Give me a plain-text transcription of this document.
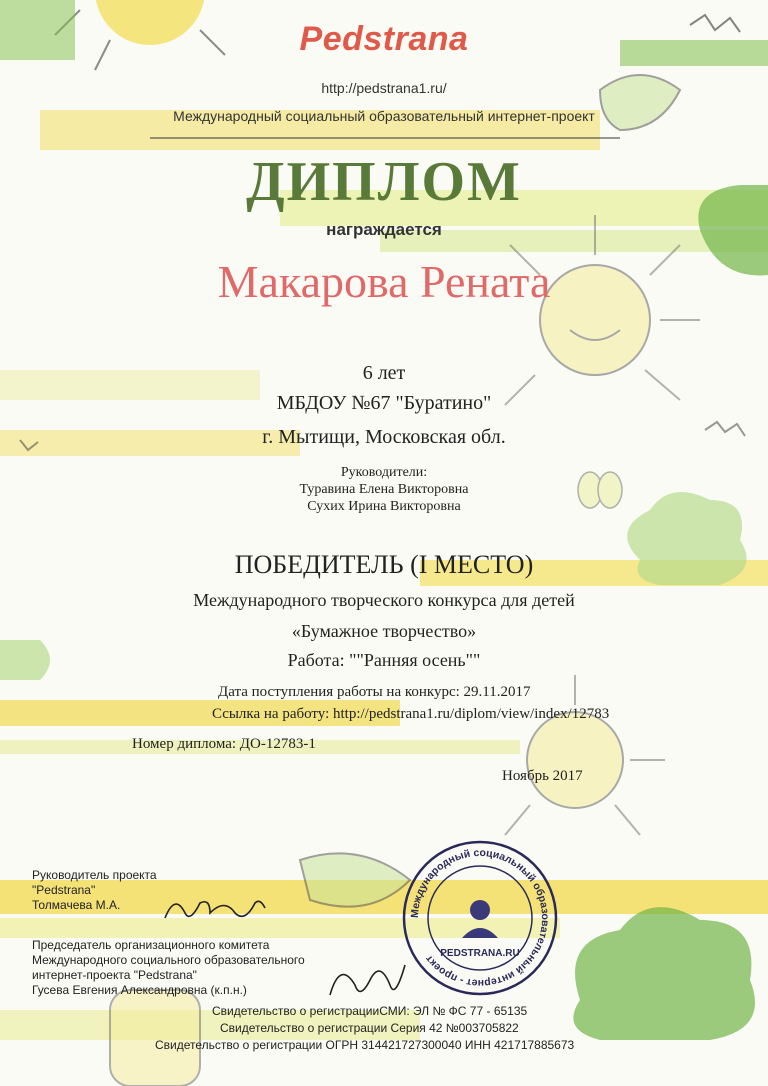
Pedstrana
http://pedstrana1.ru/
Международный социальный образовательный интернет-проект
ДИПЛОМ
награждается
Макарова Рената
6 лет
МБДОУ №67 "Буратино"
г. Мытищи, Московская обл.
Руководители:
Туравина Елена Викторовна
Сухих Ирина Викторовна
ПОБЕДИТЕЛЬ (I МЕСТО)
Международного творческого конкурса для детей
«Бумажное творчество»
Работа: ""Ранняя осень""
Дата поступления работы на конкурс: 29.11.2017
Ссылка на работу: http://pedstrana1.ru/diplom/view/index/12783
Номер диплома: ДО-12783-1
Ноябрь 2017
Руководитель проекта
"Pedstrana"
Толмачева М.А.
Председатель организационного комитета
Международного социального образовательного
интернет-проекта "Pedstrana"
Гусева Евгения Александровна (к.п.н.)
Международный социальный образовательный интернет - проект PEDSTRANA.RU
Свидетельство о регистрацииСМИ: ЭЛ № ФС 77 - 65135
Свидетельство о регистрации Серия 42 №003705822
Свидетельство о регистрации ОГРН 314421727300040 ИНН 421717885673
